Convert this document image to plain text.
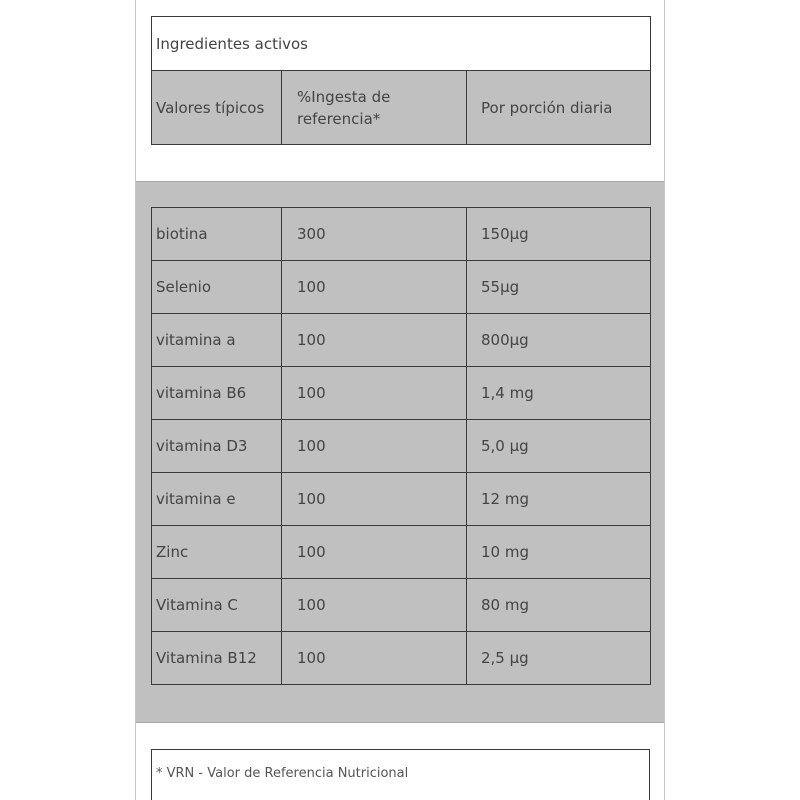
Ingredientes activos
Valores típicos	%Ingesta de referencia*	Por porción diaria
biotina	300	150µg
Selenio	100	55µg
vitamina a	100	800µg
vitamina B6	100	1,4 mg
vitamina D3	100	5,0 µg
vitamina e	100	12 mg
Zinc	100	10 mg
Vitamina C	100	80 mg
Vitamina B12	100	2,5 µg
* VRN - Valor de Referencia Nutricional
